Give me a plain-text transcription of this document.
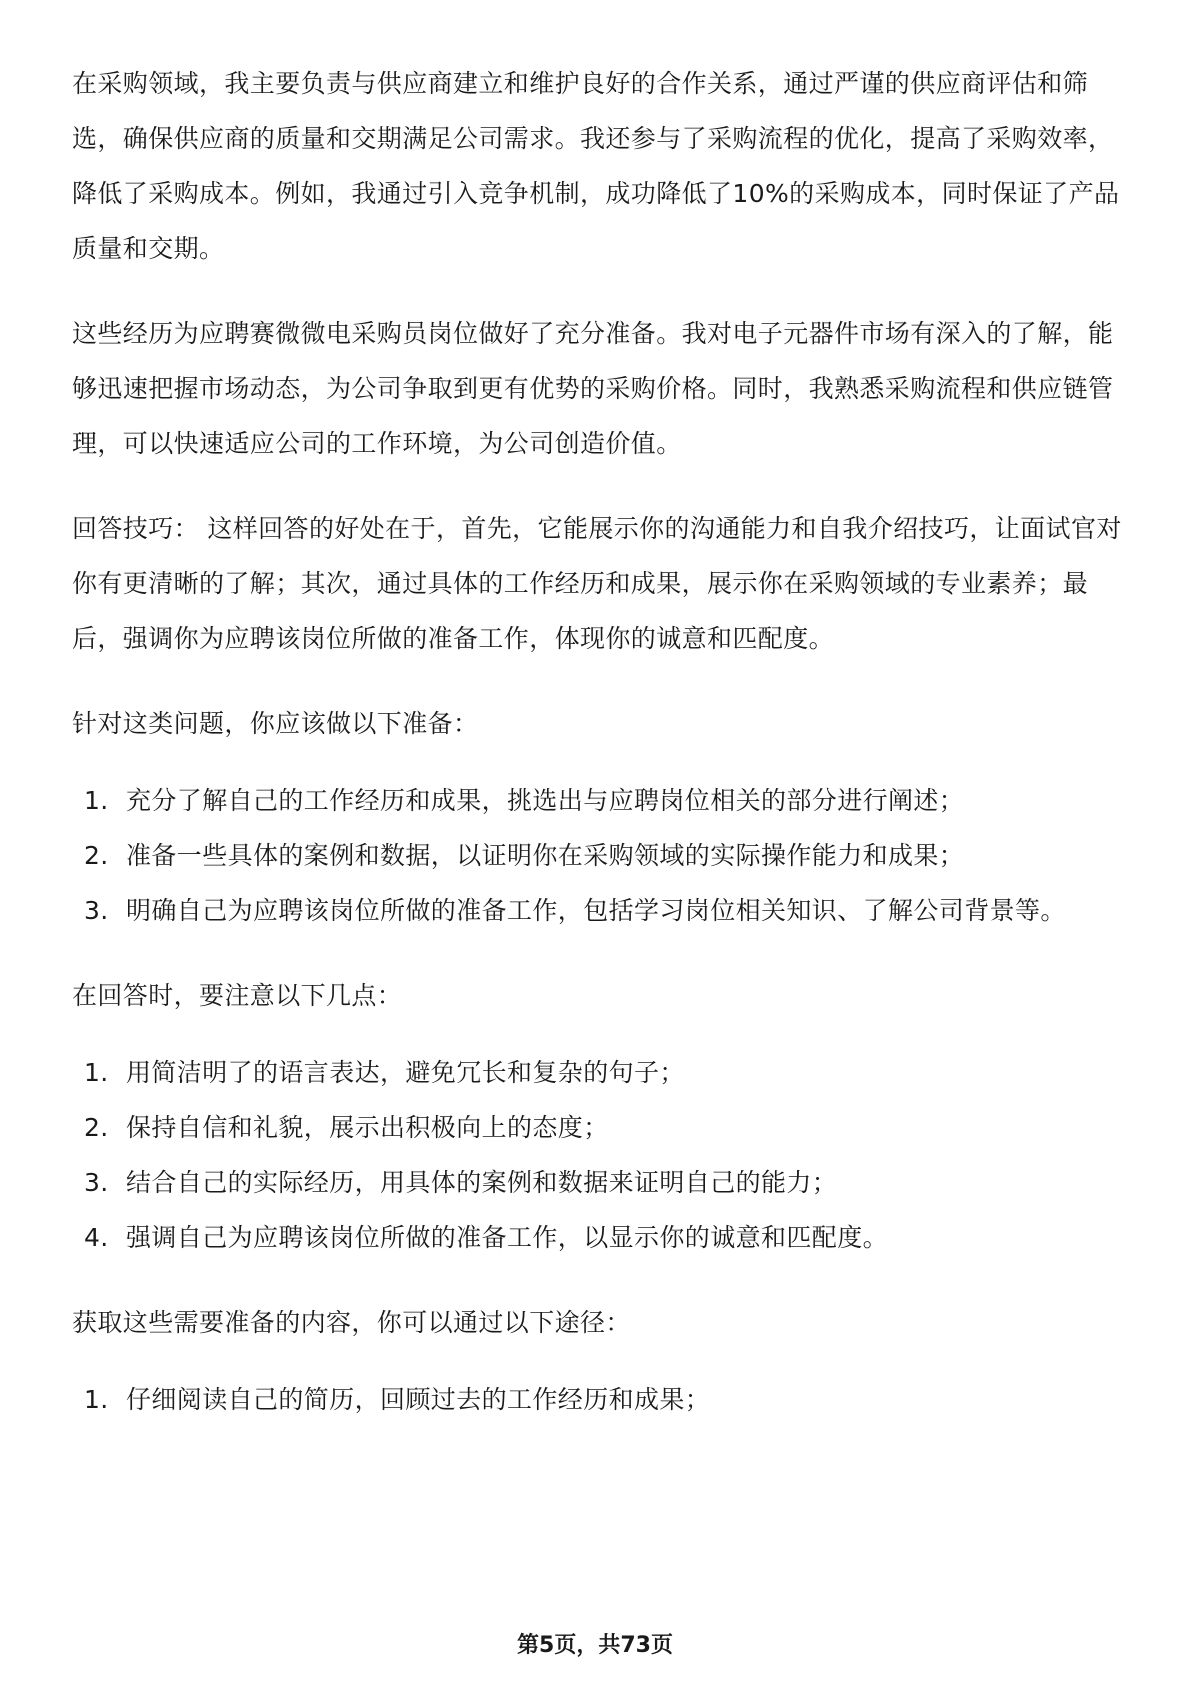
在采购领域，我主要负责与供应商建立和维护良好的合作关系，通过严谨的供应商评估和筛选，确保供应商的质量和交期满足公司需求。我还参与了采购流程的优化，提高了采购效率，降低了采购成本。例如，我通过引入竞争机制，成功降低了10%的采购成本，同时保证了产品质量和交期。

这些经历为应聘赛微微电采购员岗位做好了充分准备。我对电子元器件市场有深入的了解，能够迅速把握市场动态，为公司争取到更有优势的采购价格。同时，我熟悉采购流程和供应链管理，可以快速适应公司的工作环境，为公司创造价值。

回答技巧： 这样回答的好处在于，首先，它能展示你的沟通能力和自我介绍技巧，让面试官对你有更清晰的了解；其次，通过具体的工作经历和成果，展示你在采购领域的专业素养；最后，强调你为应聘该岗位所做的准备工作，体现你的诚意和匹配度。

针对这类问题，你应该做以下准备：

1. 充分了解自己的工作经历和成果，挑选出与应聘岗位相关的部分进行阐述；
2. 准备一些具体的案例和数据，以证明你在采购领域的实际操作能力和成果；
3. 明确自己为应聘该岗位所做的准备工作，包括学习岗位相关知识、了解公司背景等。

在回答时，要注意以下几点：

1. 用简洁明了的语言表达，避免冗长和复杂的句子；
2. 保持自信和礼貌，展示出积极向上的态度；
3. 结合自己的实际经历，用具体的案例和数据来证明自己的能力；
4. 强调自己为应聘该岗位所做的准备工作，以显示你的诚意和匹配度。

获取这些需要准备的内容，你可以通过以下途径：

1. 仔细阅读自己的简历，回顾过去的工作经历和成果；
第5页，共73页
